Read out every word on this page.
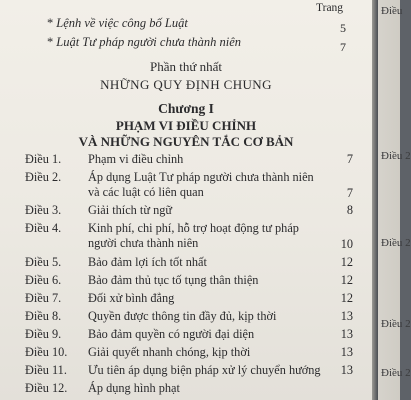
Trang
* Lệnh về việc công bố Luật	5
* Luật Tư pháp người chưa thành niên	7
Phần thứ nhất
NHỮNG QUY ĐỊNH CHUNG
Chương I
PHẠM VI ĐIỀU CHỈNH
VÀ NHỮNG NGUYÊN TẮC CƠ BẢN
Điều 1. Phạm vi điều chỉnh	7
Điều 2. Áp dụng Luật Tư pháp người chưa thành niên
và các luật có liên quan	7
Điều 3. Giải thích từ ngữ	8
Điều 4. Kinh phí, chi phí, hỗ trợ hoạt động tư pháp
người chưa thành niên	10
Điều 5. Bảo đảm lợi ích tốt nhất	12
Điều 6. Bảo đảm thủ tục tố tụng thân thiện	12
Điều 7. Đối xử bình đẳng	12
Điều 8. Quyền được thông tin đầy đủ, kịp thời	13
Điều 9. Bảo đảm quyền có người đại diện	13
Điều 10. Giải quyết nhanh chóng, kịp thời	13
Điều 11. Ưu tiên áp dụng biện pháp xử lý chuyển hướng	13
Điều 12. Áp dụng hình phạt
Điều
Điều 2
Điều 2
Điều 2
Điều 2
